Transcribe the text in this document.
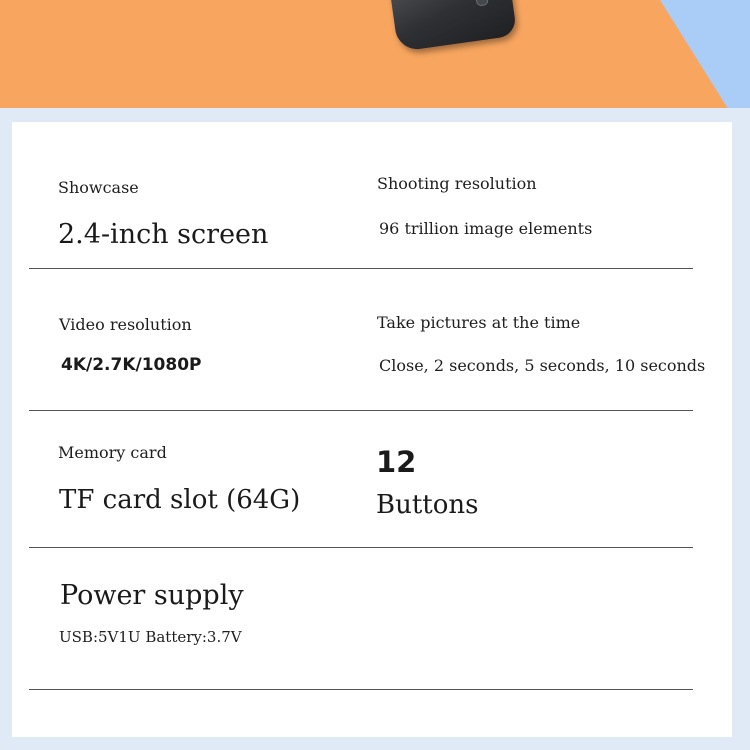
Showcase
2.4-inch screen
Shooting resolution
96 trillion image elements
Video resolution
4K/2.7K/1080P
Take pictures at the time
Close, 2 seconds, 5 seconds, 10 seconds
Memory card
TF card slot (64G)
12
Buttons
Power supply
USB:5V1U Battery:3.7V
